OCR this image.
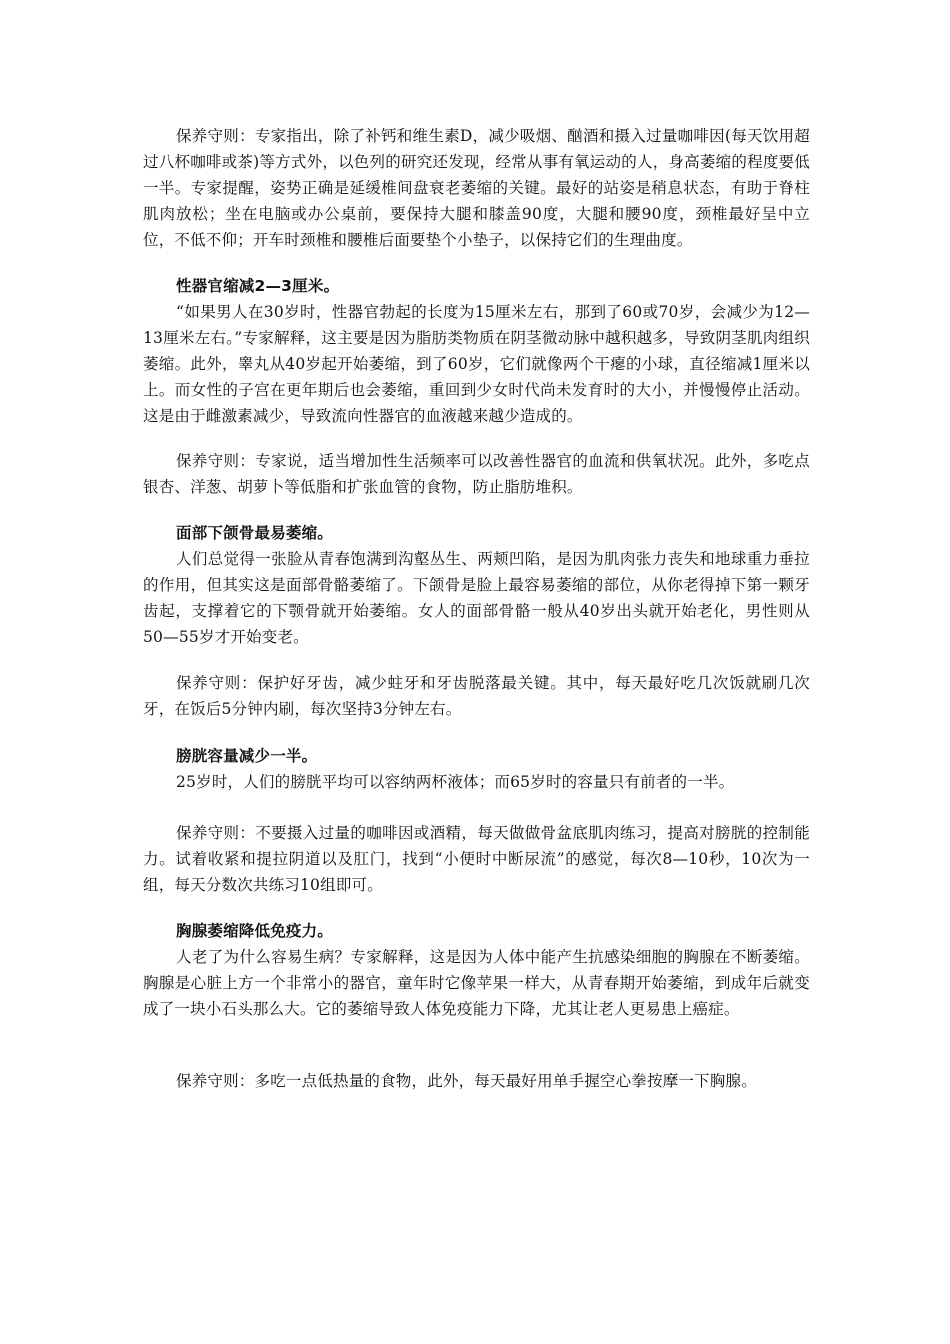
保养守则：专家指出，除了补钙和维生素D，减少吸烟、酗酒和摄入过量咖啡因(每天饮用超过八杯咖啡或茶)等方式外，以色列的研究还发现，经常从事有氧运动的人，身高萎缩的程度要低一半。专家提醒，姿势正确是延缓椎间盘衰老萎缩的关键。最好的站姿是稍息状态，有助于脊柱肌肉放松；坐在电脑或办公桌前，要保持大腿和膝盖90度，大腿和腰90度，颈椎最好呈中立位，不低不仰；开车时颈椎和腰椎后面要垫个小垫子，以保持它们的生理曲度。

性器官缩减2—3厘米。

“如果男人在30岁时，性器官勃起的长度为15厘米左右，那到了60或70岁，会减少为12—13厘米左右。”专家解释，这主要是因为脂肪类物质在阴茎微动脉中越积越多，导致阴茎肌肉组织萎缩。此外，睾丸从40岁起开始萎缩，到了60岁，它们就像两个干瘪的小球，直径缩减1厘米以上。而女性的子宫在更年期后也会萎缩，重回到少女时代尚未发育时的大小，并慢慢停止活动。这是由于雌激素减少，导致流向性器官的血液越来越少造成的。

保养守则：专家说，适当增加性生活频率可以改善性器官的血流和供氧状况。此外，多吃点银杏、洋葱、胡萝卜等低脂和扩张血管的食物，防止脂肪堆积。

面部下颌骨最易萎缩。

人们总觉得一张脸从青春饱满到沟壑丛生、两颊凹陷，是因为肌肉张力丧失和地球重力垂拉的作用，但其实这是面部骨骼萎缩了。下颌骨是脸上最容易萎缩的部位，从你老得掉下第一颗牙齿起，支撑着它的下颚骨就开始萎缩。女人的面部骨骼一般从40岁出头就开始老化，男性则从50—55岁才开始变老。

保养守则：保护好牙齿，减少蛀牙和牙齿脱落最关键。其中，每天最好吃几次饭就刷几次牙，在饭后5分钟内刷，每次坚持3分钟左右。

膀胱容量减少一半。

25岁时，人们的膀胱平均可以容纳两杯液体；而65岁时的容量只有前者的一半。

保养守则：不要摄入过量的咖啡因或酒精，每天做做骨盆底肌肉练习，提高对膀胱的控制能力。试着收紧和提拉阴道以及肛门，找到“小便时中断尿流”的感觉，每次8—10秒，10次为一组，每天分数次共练习10组即可。

胸腺萎缩降低免疫力。

人老了为什么容易生病？专家解释，这是因为人体中能产生抗感染细胞的胸腺在不断萎缩。胸腺是心脏上方一个非常小的器官，童年时它像苹果一样大，从青春期开始萎缩，到成年后就变成了一块小石头那么大。它的萎缩导致人体免疫能力下降，尤其让老人更易患上癌症。

保养守则：多吃一点低热量的食物，此外，每天最好用单手握空心拳按摩一下胸腺。
